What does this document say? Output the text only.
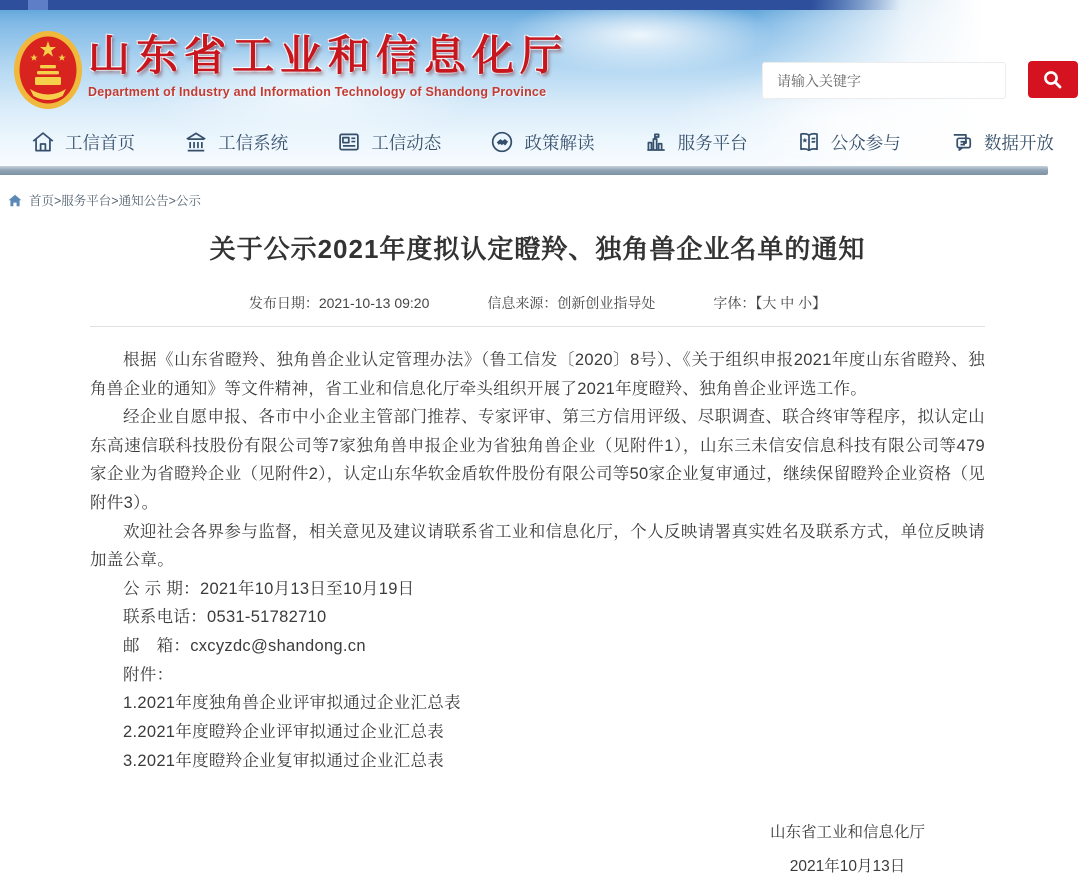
山东省工业和信息化厅
Department of Industry and Information Technology of Shandong Province
请输入关键字
工信首页	工信系统	工信动态	政策解读	服务平台	公众参与	数据开放
首页>服务平台>通知公告>公示
关于公示2021年度拟认定瞪羚、独角兽企业名单的通知
发布日期：2021-10-13 09:20	信息来源：创新创业指导处	字体：【大 中 小】

根据《山东省瞪羚、独角兽企业认定管理办法》（鲁工信发〔2020〕8号）、《关于组织申报2021年度山东省瞪羚、独角兽企业的通知》等文件精神，省工业和信息化厅牵头组织开展了2021年度瞪羚、独角兽企业评选工作。

经企业自愿申报、各市中小企业主管部门推荐、专家评审、第三方信用评级、尽职调查、联合终审等程序，拟认定山东高速信联科技股份有限公司等7家独角兽申报企业为省独角兽企业（见附件1），山东三未信安信息科技有限公司等479家企业为省瞪羚企业（见附件2），认定山东华软金盾软件股份有限公司等50家企业复审通过，继续保留瞪羚企业资格（见附件3）。

欢迎社会各界参与监督，相关意见及建议请联系省工业和信息化厅，个人反映请署真实姓名及联系方式，单位反映请加盖公章。

公 示 期：2021年10月13日至10月19日

联系电话：0531-51782710

邮　箱：cxcyzdc@shandong.cn

附件：

1.2021年度独角兽企业评审拟通过企业汇总表

2.2021年度瞪羚企业评审拟通过企业汇总表

3.2021年度瞪羚企业复审拟通过企业汇总表

山东省工业和信息化厅
2021年10月13日
